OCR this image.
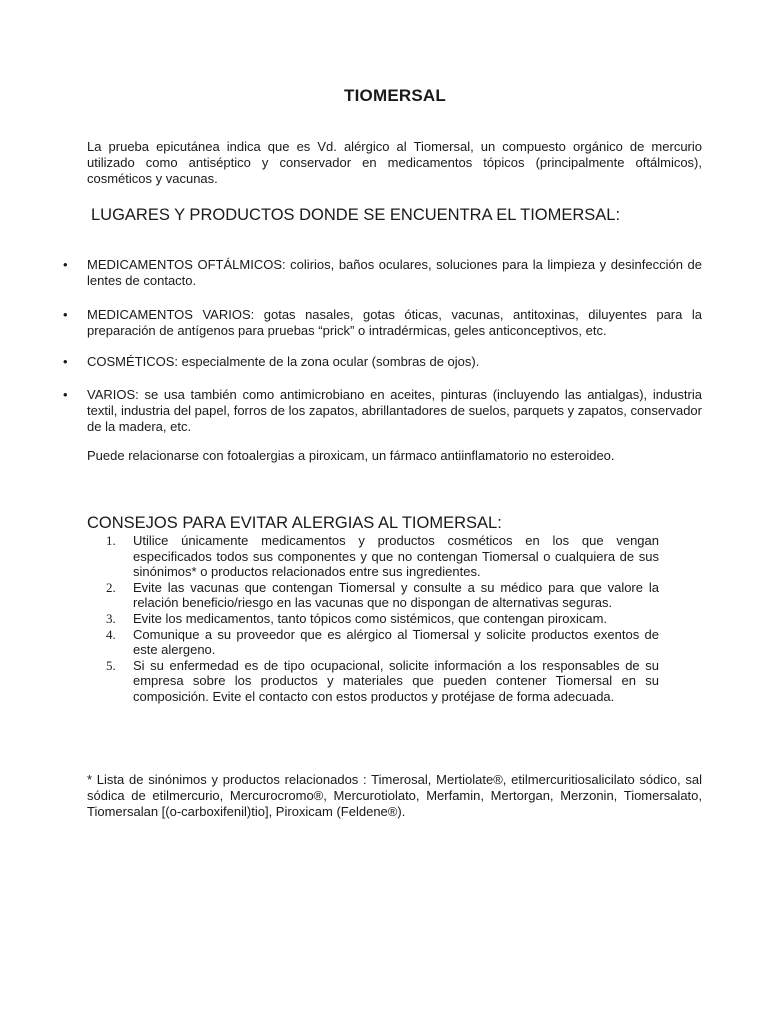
TIOMERSAL

La prueba epicutánea indica que es Vd. alérgico al Tiomersal, un compuesto orgánico de mercurio utilizado como antiséptico y conservador en medicamentos tópicos (principalmente oftálmicos), cosméticos y vacunas.

LUGARES Y PRODUCTOS DONDE SE ENCUENTRA EL TIOMERSAL:
• MEDICAMENTOS OFTÁLMICOS: colirios, baños oculares, soluciones para la limpieza y desinfección de lentes de contacto.
• MEDICAMENTOS VARIOS: gotas nasales, gotas óticas, vacunas, antitoxinas, diluyentes para la preparación de antígenos para pruebas “prick” o intradérmicas, geles anticonceptivos, etc.
• COSMÉTICOS: especialmente de la zona ocular (sombras de ojos).
• VARIOS: se usa también como antimicrobiano en aceites, pinturas (incluyendo las antialgas), industria textil, industria del papel, forros de los zapatos, abrillantadores de suelos, parquets y zapatos, conservador de la madera, etc.

Puede relacionarse con fotoalergias a piroxicam, un fármaco antiinflamatorio no esteroideo.

CONSEJOS PARA EVITAR ALERGIAS AL TIOMERSAL:
1. Utilice únicamente medicamentos y productos cosméticos en los que vengan especificados todos sus componentes y que no contengan Tiomersal o cualquiera de sus sinónimos* o productos relacionados entre sus ingredientes.
2. Evite las vacunas que contengan Tiomersal y consulte a su médico para que valore la relación beneficio/riesgo en las vacunas que no dispongan de alternativas seguras.
3. Evite los medicamentos, tanto tópicos como sistémicos, que contengan piroxicam.
4. Comunique a su proveedor que es alérgico al Tiomersal y solicite productos exentos de este alergeno.
5. Si su enfermedad es de tipo ocupacional, solicite información a los responsables de su empresa sobre los productos y materiales que pueden contener Tiomersal en su composición. Evite el contacto con estos productos y protéjase de forma adecuada.

* Lista de sinónimos y productos relacionados : Timerosal, Mertiolate®, etilmercuritiosalicilato sódico, sal sódica de etilmercurio, Mercurocromo®, Mercurotiolato, Merfamin, Mertorgan, Merzonin, Tiomersalato, Tiomersalan [(o-carboxifenil)tio], Piroxicam (Feldene®).
